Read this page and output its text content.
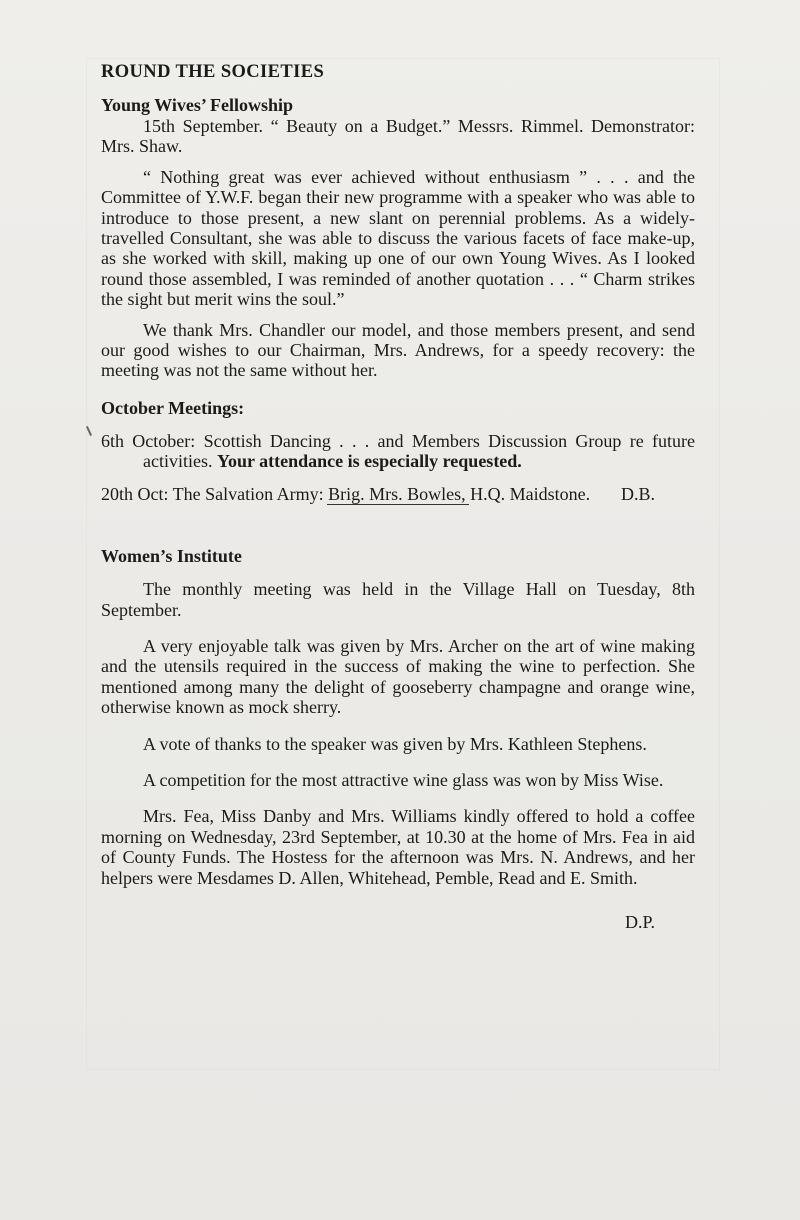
ROUND THE SOCIETIES
Young Wives’ Fellowship

15th September. “ Beauty on a Budget.” Messrs. Rimmel. Demonstrator: Mrs. Shaw.

“ Nothing great was ever achieved without enthusiasm ” . . . and the Committee of Y.W.F. began their new programme with a speaker who was able to introduce to those present, a new slant on perennial problems. As a widely-travelled Consultant, she was able to discuss the various facets of face make-up, as she worked with skill, making up one of our own Young Wives. As I looked round those assembled, I was reminded of another quotation . . . “ Charm strikes the sight but merit wins the soul.”

We thank Mrs. Chandler our model, and those members present, and send our good wishes to our Chairman, Mrs. Andrews, for a speedy recovery: the meeting was not the same without her.

October Meetings:

6th October: Scottish Dancing . . . and Members Discussion Group re future activities. Your attendance is especially requested.

20th Oct: The Salvation Army: Brig. Mrs. Bowles, H.Q. Maidstone.	D.B.

Women’s Institute

The monthly meeting was held in the Village Hall on Tuesday, 8th September.

A very enjoyable talk was given by Mrs. Archer on the art of wine making and the utensils required in the success of making the wine to perfection. She mentioned among many the delight of gooseberry champagne and orange wine, otherwise known as mock sherry.

A vote of thanks to the speaker was given by Mrs. Kathleen Stephens.

A competition for the most attractive wine glass was won by Miss Wise.

Mrs. Fea, Miss Danby and Mrs. Williams kindly offered to hold a coffee morning on Wednesday, 23rd September, at 10.30 at the home of Mrs. Fea in aid of County Funds. The Hostess for the afternoon was Mrs. N. Andrews, and her helpers were Mesdames D. Allen, Whitehead, Pemble, Read and E. Smith.

D.P.
